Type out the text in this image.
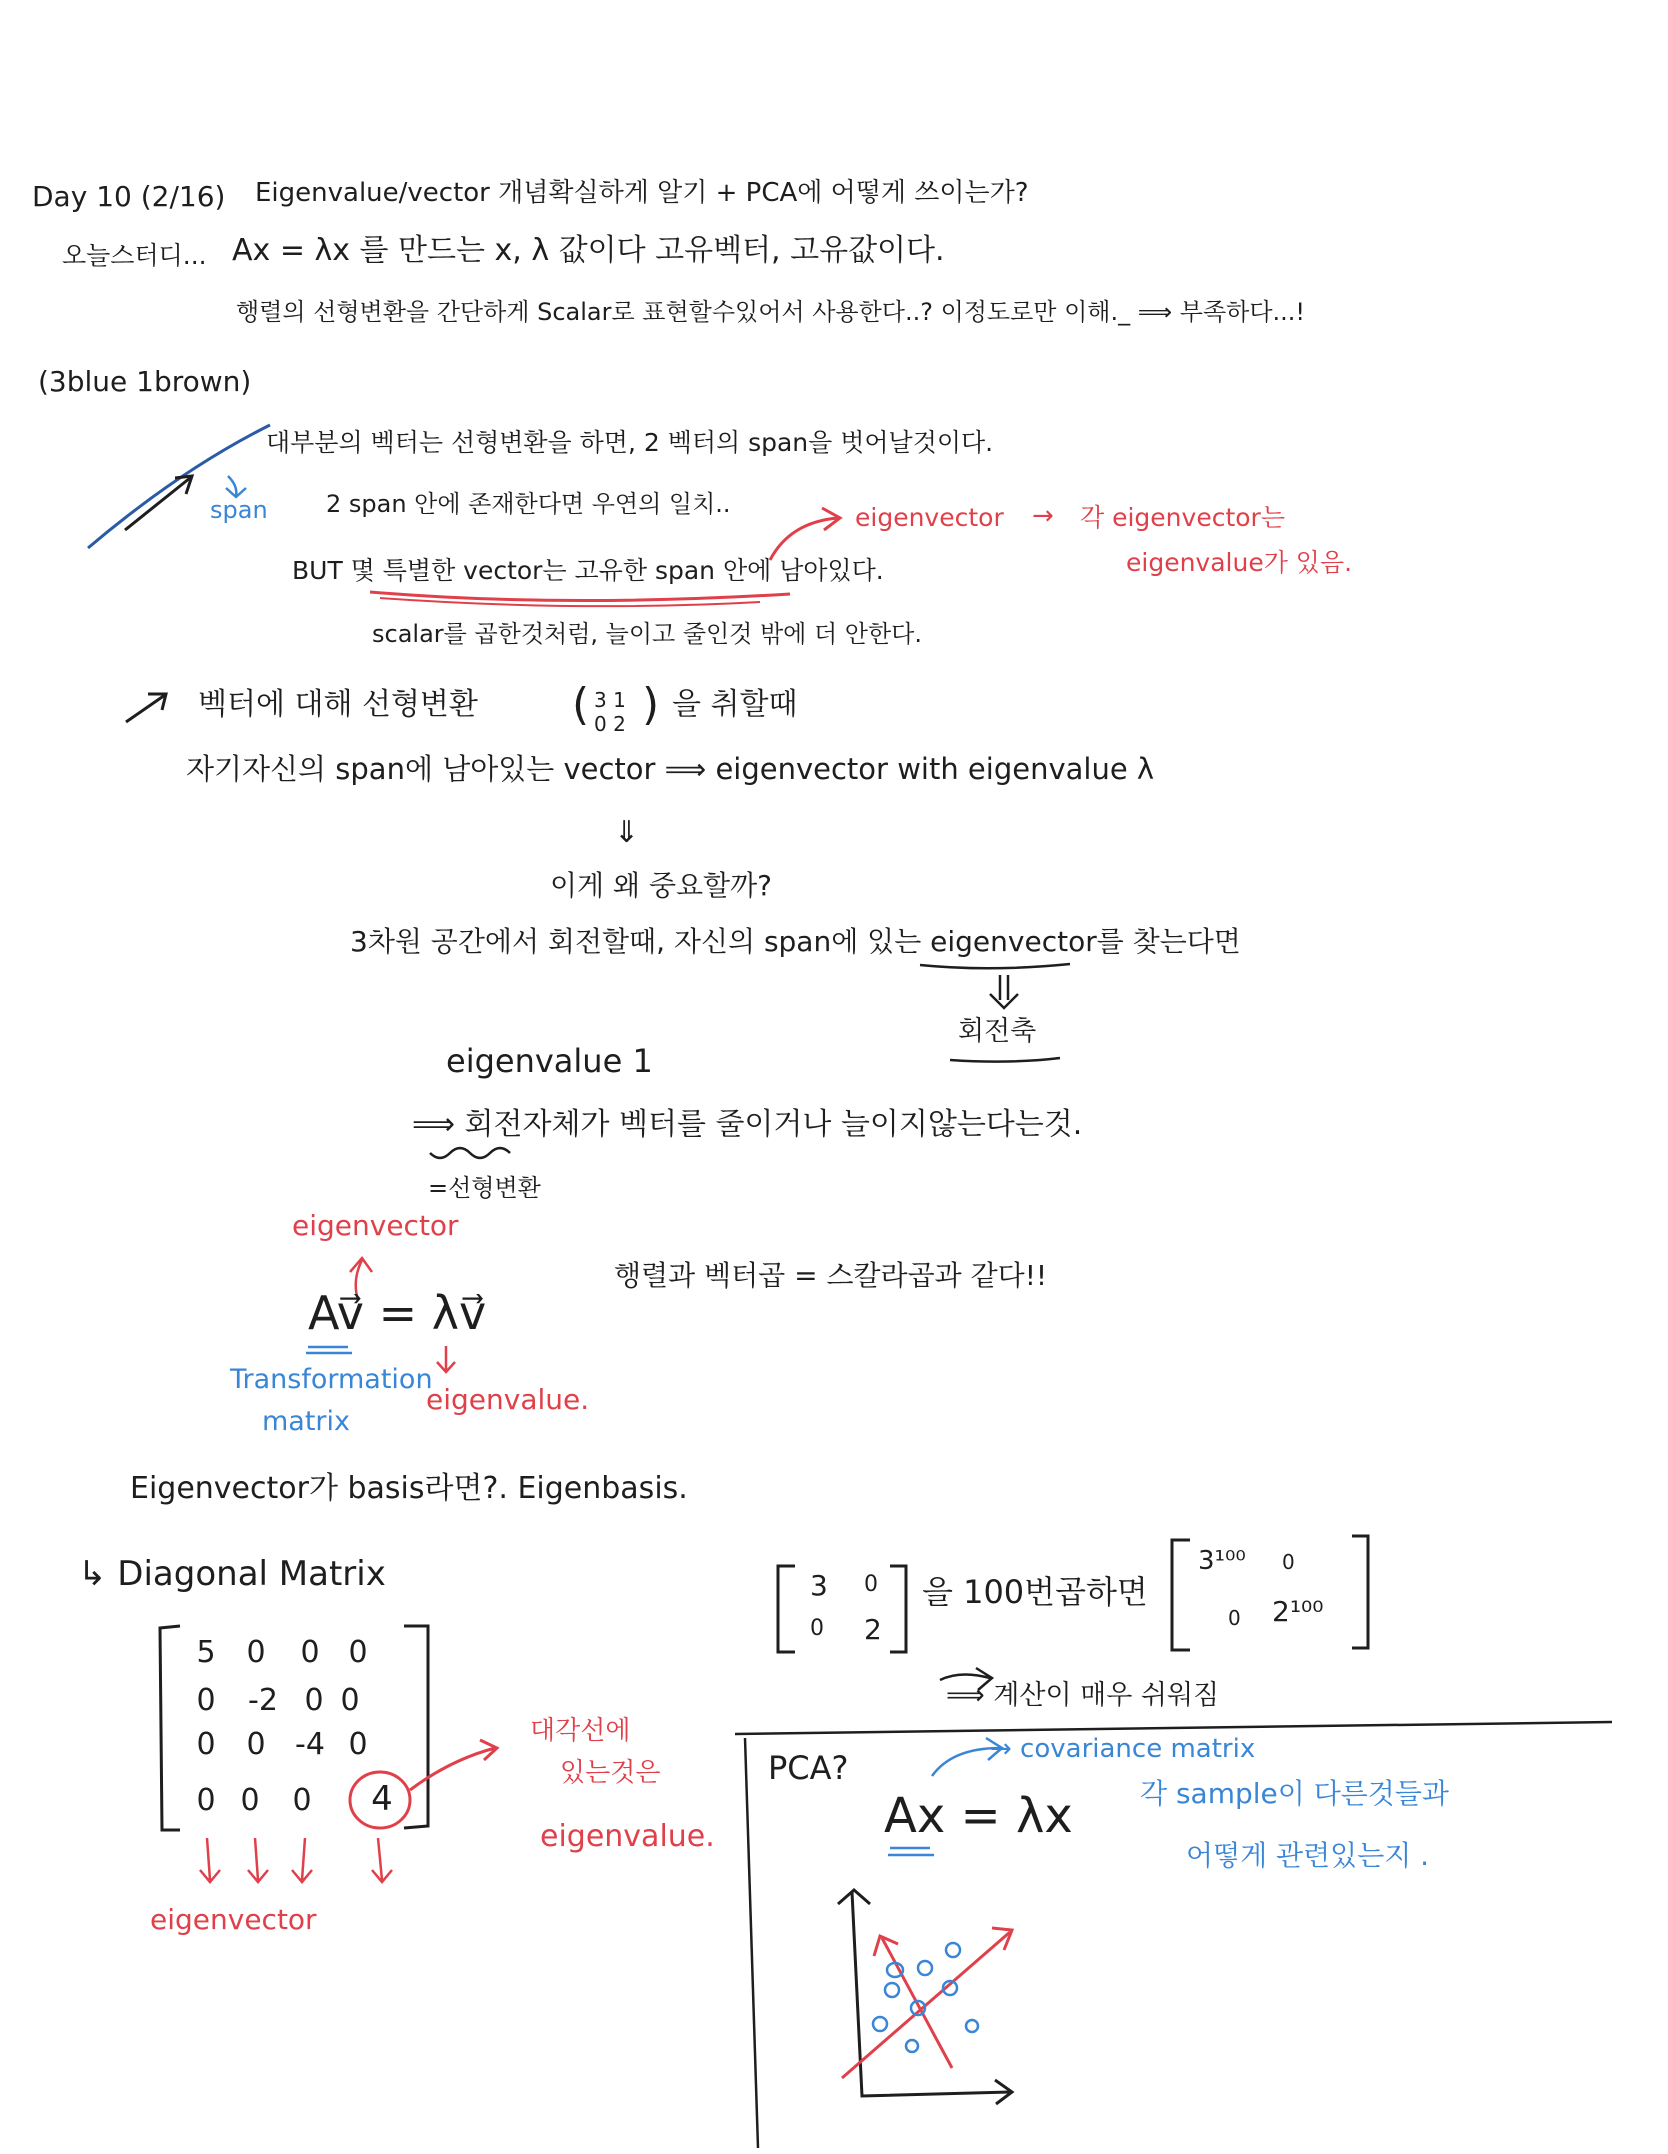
Day 10 (2/16) Eigenvalue/vector 개념확실하게 알기 + PCA에 어떻게 쓰이는가?
오늘스터디... Ax = λx 를 만드는 x, λ 값이다 고유벡터, 고유값이다.
행렬의 선형변환을 간단하게 Scalar로 표현할수있어서 사용한다..? 이정도로만 이해._ ⟹ 부족하다...!
(3blue 1brown)
대부분의 벡터는 선형변환을 하면, 2 벡터의 span을 벗어날것이다.
span 2 span 안에 존재한다면 우연의 일치..
BUT 몇 특별한 vector는 고유한 span 안에 남아있다.
scalar를 곱한것처럼, 늘이고 줄인것 밖에 더 안한다.
eigenvector → 각 eigenvector는
eigenvalue가 있음.
벡터에 대해 선형변환 ( 3 1
0 2 ) 을 취할때
자기자신의 span에 남아있는 vector ⟹ eigenvector with eigenvalue λ
⇓
이게 왜 중요할까?
3차원 공간에서 회전할때, 자신의 span에 있는 eigenvector를 찾는다면
회전축
eigenvalue 1
⟹ 회전자체가 벡터를 줄이거나 늘이지않는다는것.
=선형변환
eigenvector
Av⃗ = λv⃗
Transformation
matrix
eigenvalue.
행렬과 벡터곱 = 스칼라곱과 같다!!
Eigenvector가 basis라면?. Eigenbasis.
↳ Diagonal Matrix
5	0	0 0
0	-2 0 0
0	0 -4 0
0 0	0	4
대각선에
있는것은
eigenvalue.
eigenvector
3 0
0 2
을 100번곱하면
3¹⁰⁰ 0
0 2¹⁰⁰
⟹ 계산이 매우 쉬워짐
PCA?	→ covariance matrix
Ax = λx 각 sample이 다른것들과
어떻게 관련있는지 .
